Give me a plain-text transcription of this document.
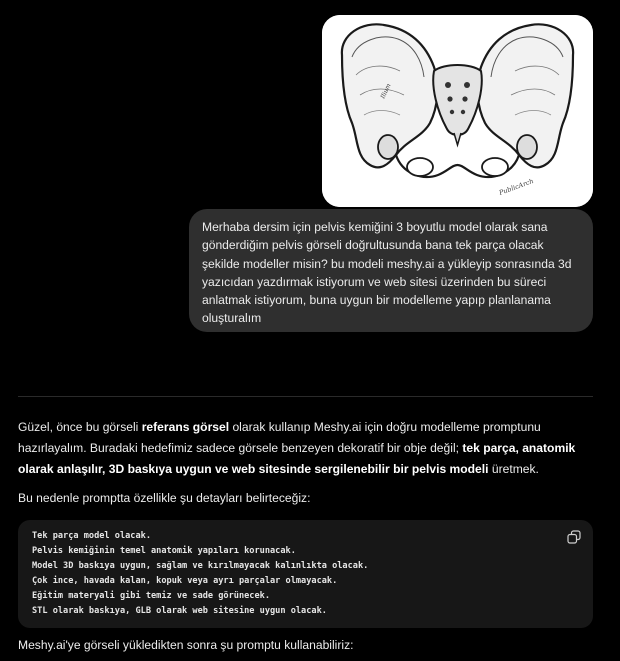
Ilium
PublicArch
Merhaba dersim için pelvis kemiğini 3 boyutlu model olarak sana gönderdiğim pelvis görseli doğrultusunda bana tek parça olacak şekilde modeller misin? bu modeli meshy.ai a yükleyip sonrasında 3d yazıcıdan yazdırmak istiyorum ve web sitesi üzerinden bu süreci anlatmak istiyorum, buna uygun bir modelleme yapıp planlanama oluşturalım
Güzel, önce bu görseli referans görsel olarak kullanıp Meshy.ai için doğru modelleme promptunu hazırlayalım. Buradaki hedefimiz sadece görsele benzeyen dekoratif bir obje değil; tek parça, anatomik olarak anlaşılır, 3D baskıya uygun ve web sitesinde sergilenebilir bir pelvis modeli üretmek.
Bu nedenle promptta özellikle şu detayları belirteceğiz:
Tek parça model olacak.
Pelvis kemiğinin temel anatomik yapıları korunacak.
Model 3D baskıya uygun, sağlam ve kırılmayacak kalınlıkta olacak.
Çok ince, havada kalan, kopuk veya ayrı parçalar olmayacak.
Eğitim materyali gibi temiz ve sade görünecek.
STL olarak baskıya, GLB olarak web sitesine uygun olacak.
Meshy.ai'ye görseli yükledikten sonra şu promptu kullanabiliriz:
